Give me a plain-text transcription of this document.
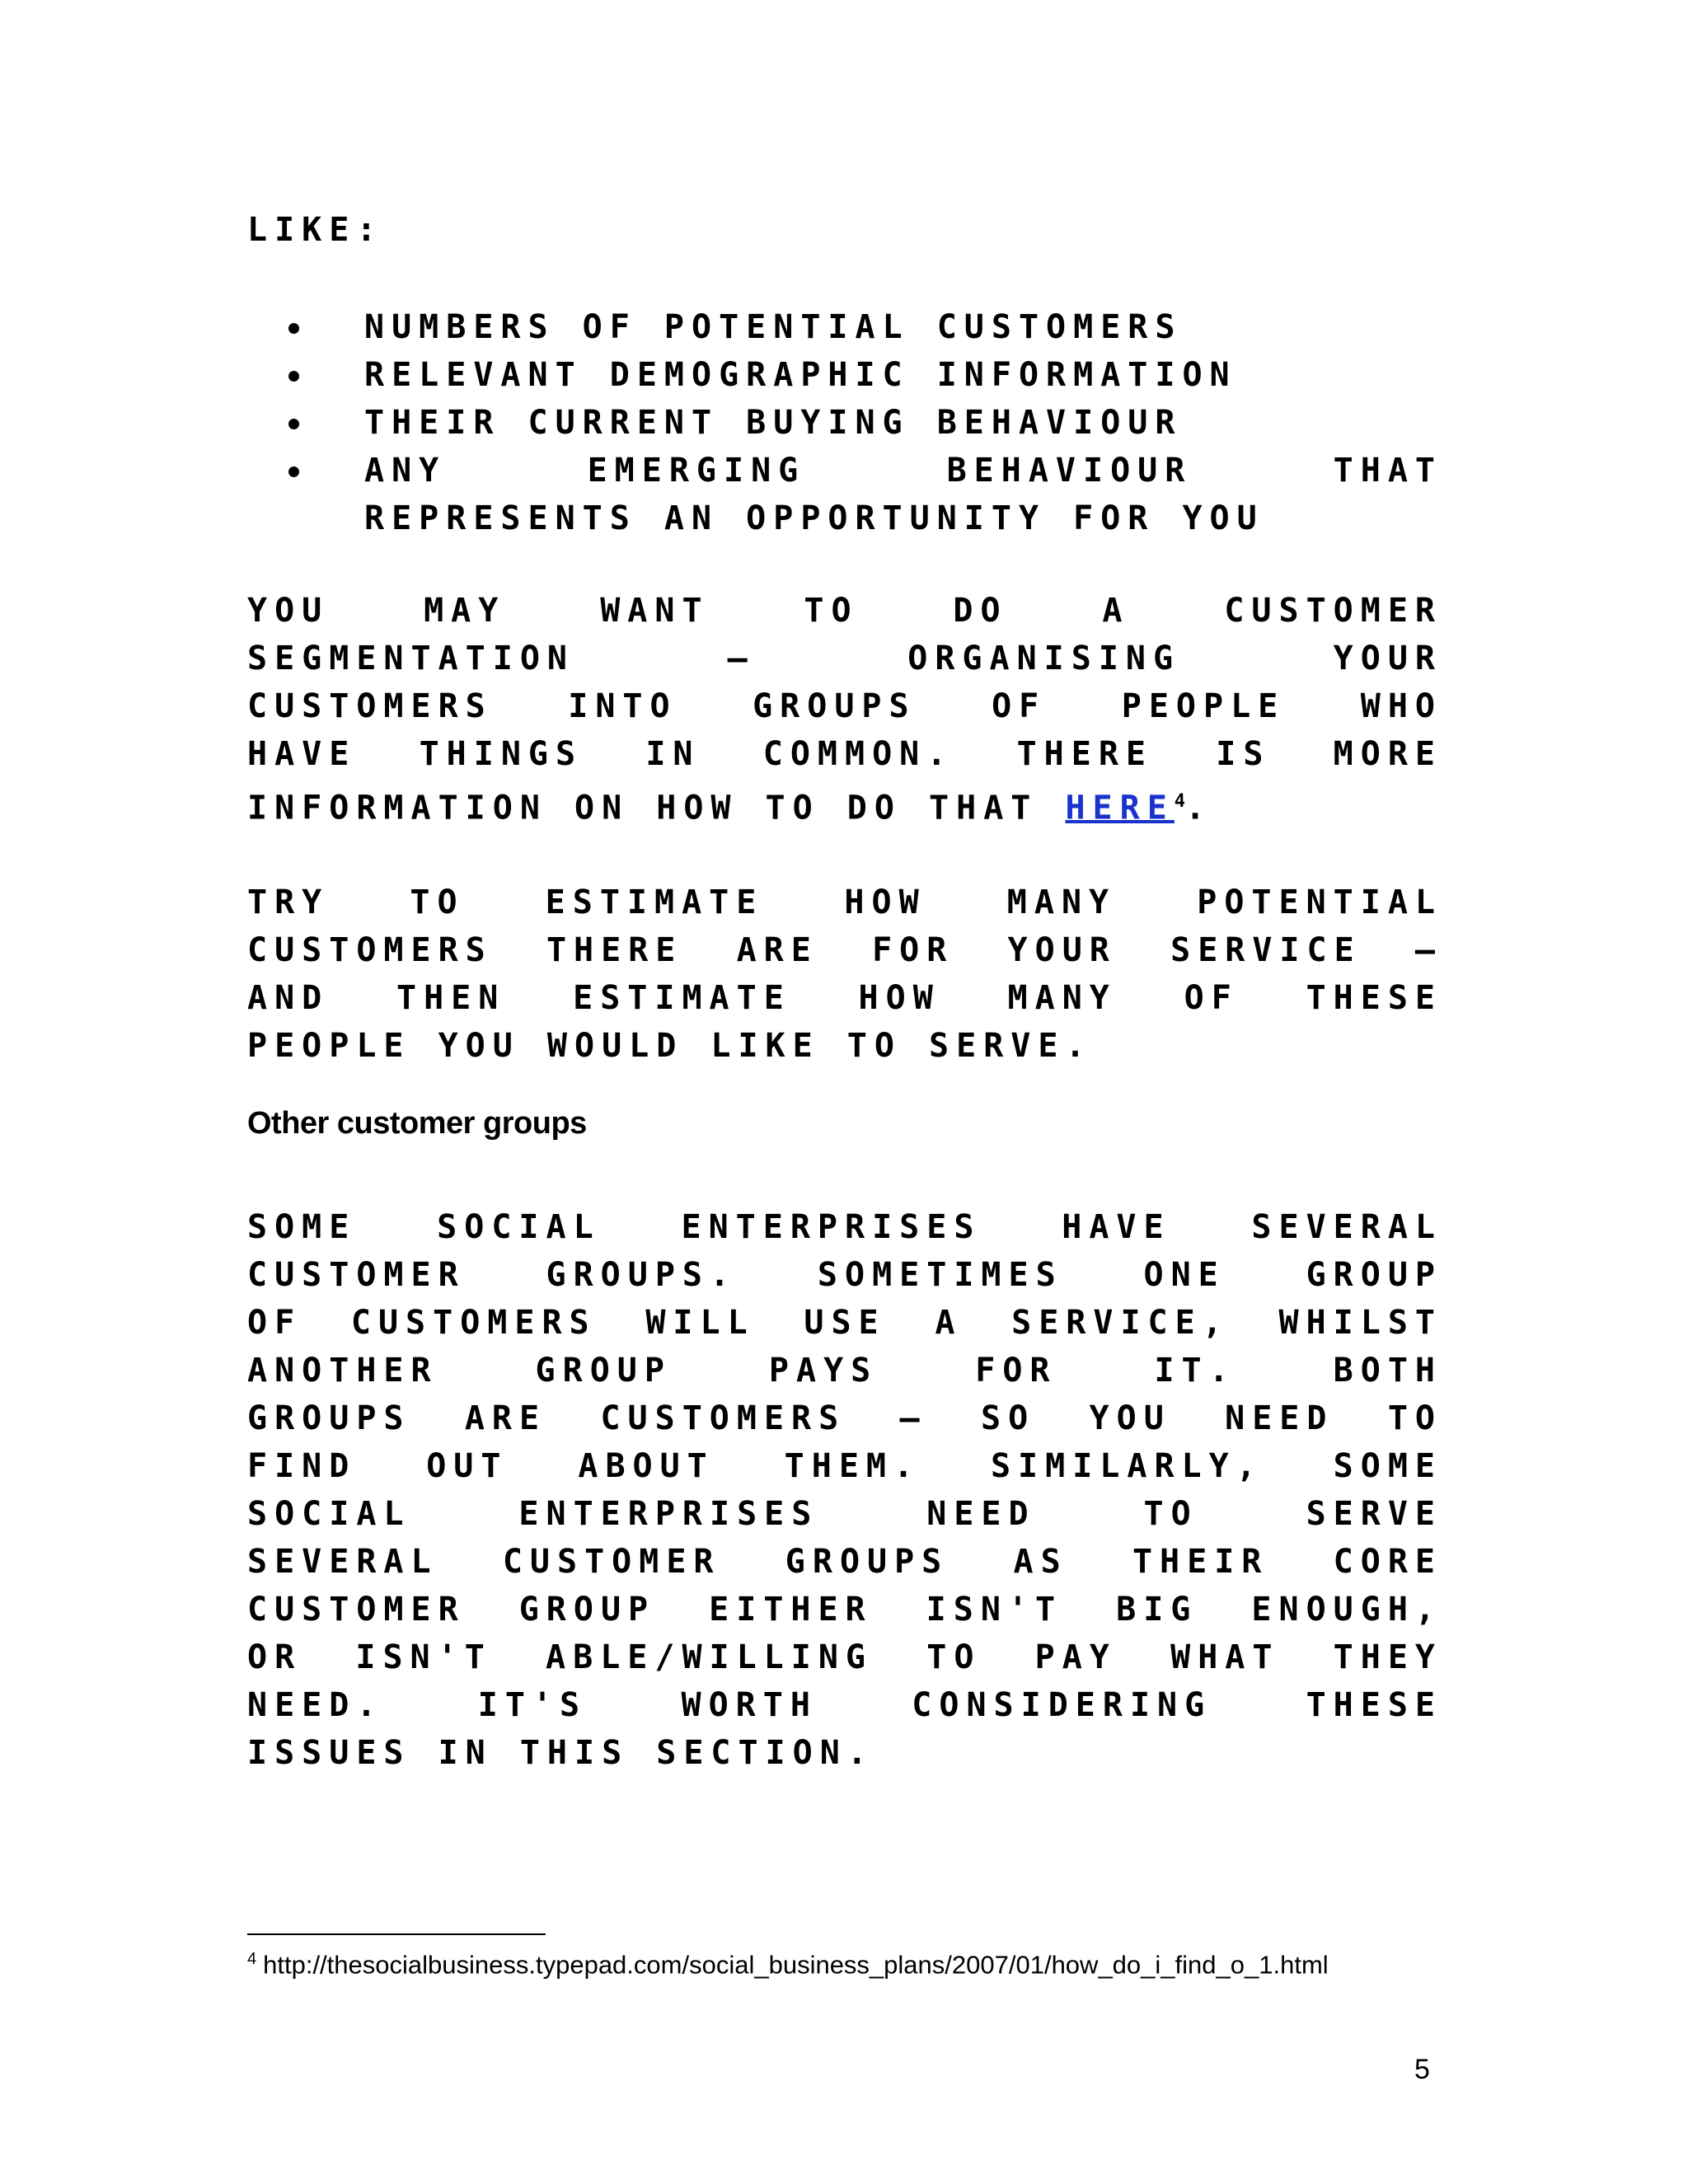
LIKE:

NUMBERS OF POTENTIAL CUSTOMERS

RELEVANT DEMOGRAPHIC INFORMATION

THEIR CURRENT BUYING BEHAVIOUR

ANY EMERGING BEHAVIOUR THAT

REPRESENTS AN OPPORTUNITY FOR YOU

YOU MAY WANT TO DO A CUSTOMER

SEGMENTATION – ORGANISING YOUR

CUSTOMERS INTO GROUPS OF PEOPLE WHO

HAVE THINGS IN COMMON. THERE IS MORE

INFORMATION ON HOW TO DO THAT HERE$^4$.

TRY TO ESTIMATE HOW MANY POTENTIAL

CUSTOMERS THERE ARE FOR YOUR SERVICE –

AND THEN ESTIMATE HOW MANY OF THESE

PEOPLE YOU WOULD LIKE TO SERVE.

Other customer groups

SOME SOCIAL ENTERPRISES HAVE SEVERAL

CUSTOMER GROUPS. SOMETIMES ONE GROUP

OF CUSTOMERS WILL USE A SERVICE, WHILST

ANOTHER GROUP PAYS FOR IT. BOTH

GROUPS ARE CUSTOMERS – SO YOU NEED TO

FIND OUT ABOUT THEM. SIMILARLY, SOME

SOCIAL ENTERPRISES NEED TO SERVE

SEVERAL CUSTOMER GROUPS AS THEIR CORE

CUSTOMER GROUP EITHER ISN'T BIG ENOUGH,

OR ISN'T ABLE/WILLING TO PAY WHAT THEY

NEED. IT'S WORTH CONSIDERING THESE

ISSUES IN THIS SECTION.

$^4$ http://thesocialbusiness.typepad.com/social_business_plans/2007/01/how_do_i_find_o_1.html

5
